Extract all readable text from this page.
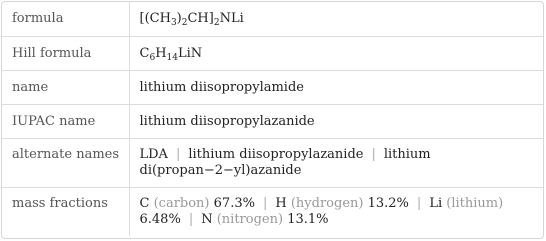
formula	$[(CH_3)_2CH]_2NLi$

Hill formula	$C_6H_{14}LiN$

name	lithium diisopropylamide

IUPAC name	lithium diisopropylazanide

alternate names	LDA | lithium diisopropylazanide | lithium di(propan−2−yl)azanide

mass fractions	C (carbon) 67.3% | H (hydrogen) 13.2% | Li (lithium) 6.48% | N (nitrogen) 13.1%
